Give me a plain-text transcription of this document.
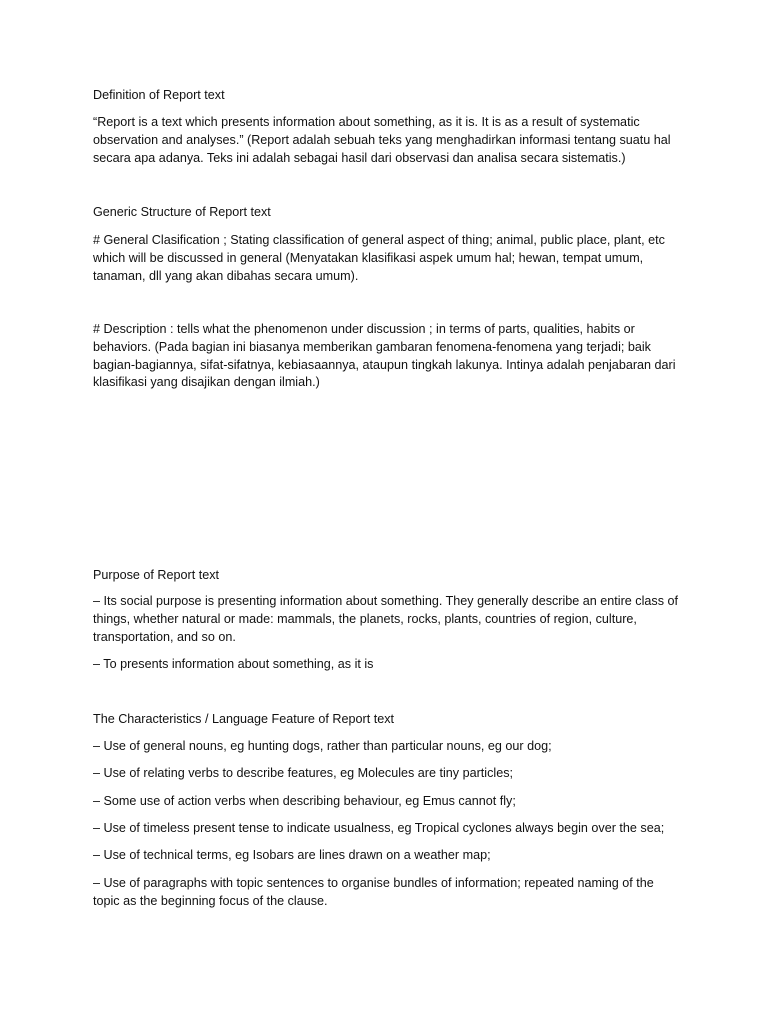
Definition of Report text

“Report is a text which presents information about something, as it is. It is as a result of systematic observation and analyses.” (Report adalah sebuah teks yang menghadirkan informasi tentang suatu hal secara apa adanya. Teks ini adalah sebagai hasil dari observasi dan analisa secara sistematis.)

Generic Structure of Report text

# General Clasification ; Stating classification of general aspect of thing; animal, public place, plant, etc which will be discussed in general (Menyatakan klasifikasi aspek umum hal; hewan, tempat umum, tanaman, dll yang akan dibahas secara umum).

# Description : tells what the phenomenon under discussion ; in terms of parts, qualities, habits or behaviors. (Pada bagian ini biasanya memberikan gambaran fenomena-fenomena yang terjadi; baik bagian-bagiannya, sifat-sifatnya, kebiasaannya, ataupun tingkah lakunya. Intinya adalah penjabaran dari klasifikasi yang disajikan dengan ilmiah.)

Purpose of Report text

– Its social purpose is presenting information about something. They generally describe an entire class of things, whether natural or made: mammals, the planets, rocks, plants, countries of region, culture, transportation, and so on.

– To presents information about something, as it is

The Characteristics / Language Feature of Report text

– Use of general nouns, eg hunting dogs, rather than particular nouns, eg our dog;

– Use of relating verbs to describe features, eg Molecules are tiny particles;

– Some use of action verbs when describing behaviour, eg Emus cannot fly;

– Use of timeless present tense to indicate usualness, eg Tropical cyclones always begin over the sea;

– Use of technical terms, eg Isobars are lines drawn on a weather map;

– Use of paragraphs with topic sentences to organise bundles of information; repeated naming of the topic as the beginning focus of the clause.
